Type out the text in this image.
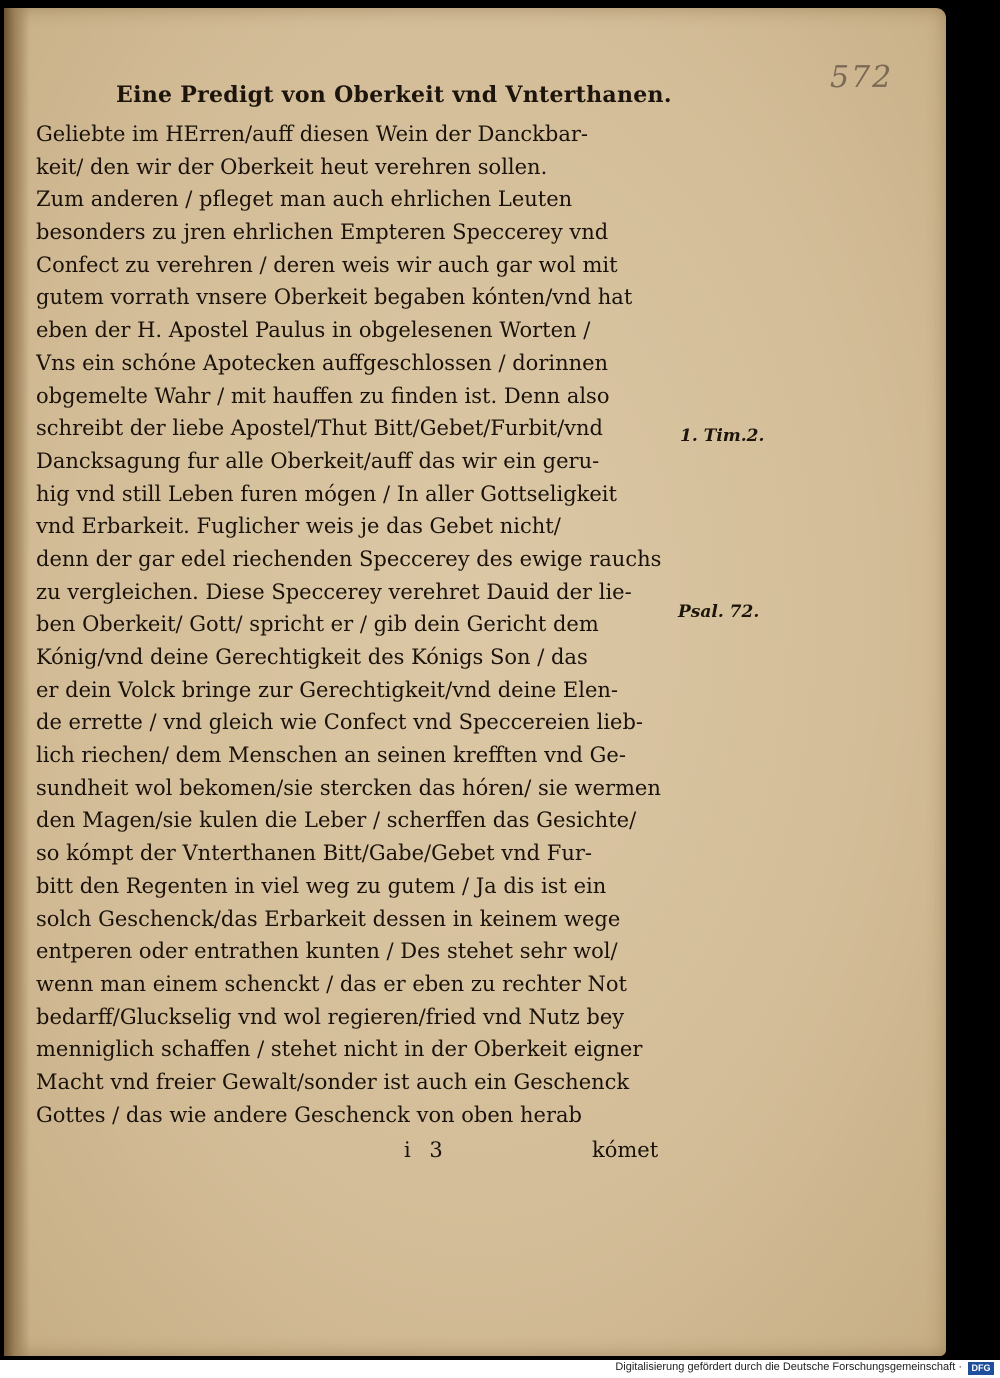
572
Eine Predigt von Oberkeit vnd Vnterthanen.
Geliebte im HErren/auff diesen Wein der Danckbar-
keit/ den wir der Oberkeit heut verehren sollen.
Zum anderen / pfleget man auch ehrlichen Leuten
besonders zu jren ehrlichen Empteren Speccerey vnd
Confect zu verehren / deren weis wir auch gar wol mit
gutem vorrath vnsere Oberkeit begaben kónten/vnd hat
eben der H. Apostel Paulus in obgelesenen Worten /
Vns ein schóne Apotecken auffgeschlossen / dorinnen
obgemelte Wahr / mit hauffen zu finden ist. Denn also
schreibt der liebe Apostel/Thut Bitt/Gebet/Furbit/vnd
Dancksagung fur alle Oberkeit/auff das wir ein geru-
hig vnd still Leben furen mógen / In aller Gottseligkeit
vnd Erbarkeit. Fuglicher weis je das Gebet nicht/
denn der gar edel riechenden Speccerey des ewige rauchs
zu vergleichen. Diese Speccerey verehret Dauid der lie-
ben Oberkeit/ Gott/ spricht er / gib dein Gericht dem
Kónig/vnd deine Gerechtigkeit des Kónigs Son / das
er dein Volck bringe zur Gerechtigkeit/vnd deine Elen-
de errette / vnd gleich wie Confect vnd Speccereien lieb-
lich riechen/ dem Menschen an seinen krefften vnd Ge-
sundheit wol bekomen/sie stercken das hóren/ sie wermen
den Magen/sie kulen die Leber / scherffen das Gesichte/
so kómpt der Vnterthanen Bitt/Gabe/Gebet vnd Fur-
bitt den Regenten in viel weg zu gutem / Ja dis ist ein
solch Geschenck/das Erbarkeit dessen in keinem wege
entperen oder entrathen kunten / Des stehet sehr wol/
wenn man einem schenckt / das er eben zu rechter Not
bedarff/Gluckselig vnd wol regieren/fried vnd Nutz bey
menniglich schaffen / stehet nicht in der Oberkeit eigner
Macht vnd freier Gewalt/sonder ist auch ein Geschenck
Gottes / das wie andere Geschenck von oben herab
1. Tim.2.
Psal. 72.
i 3	kómet
Digitalisierung gefördert durch die Deutsche Forschungsgemeinschaft ·	DFG
